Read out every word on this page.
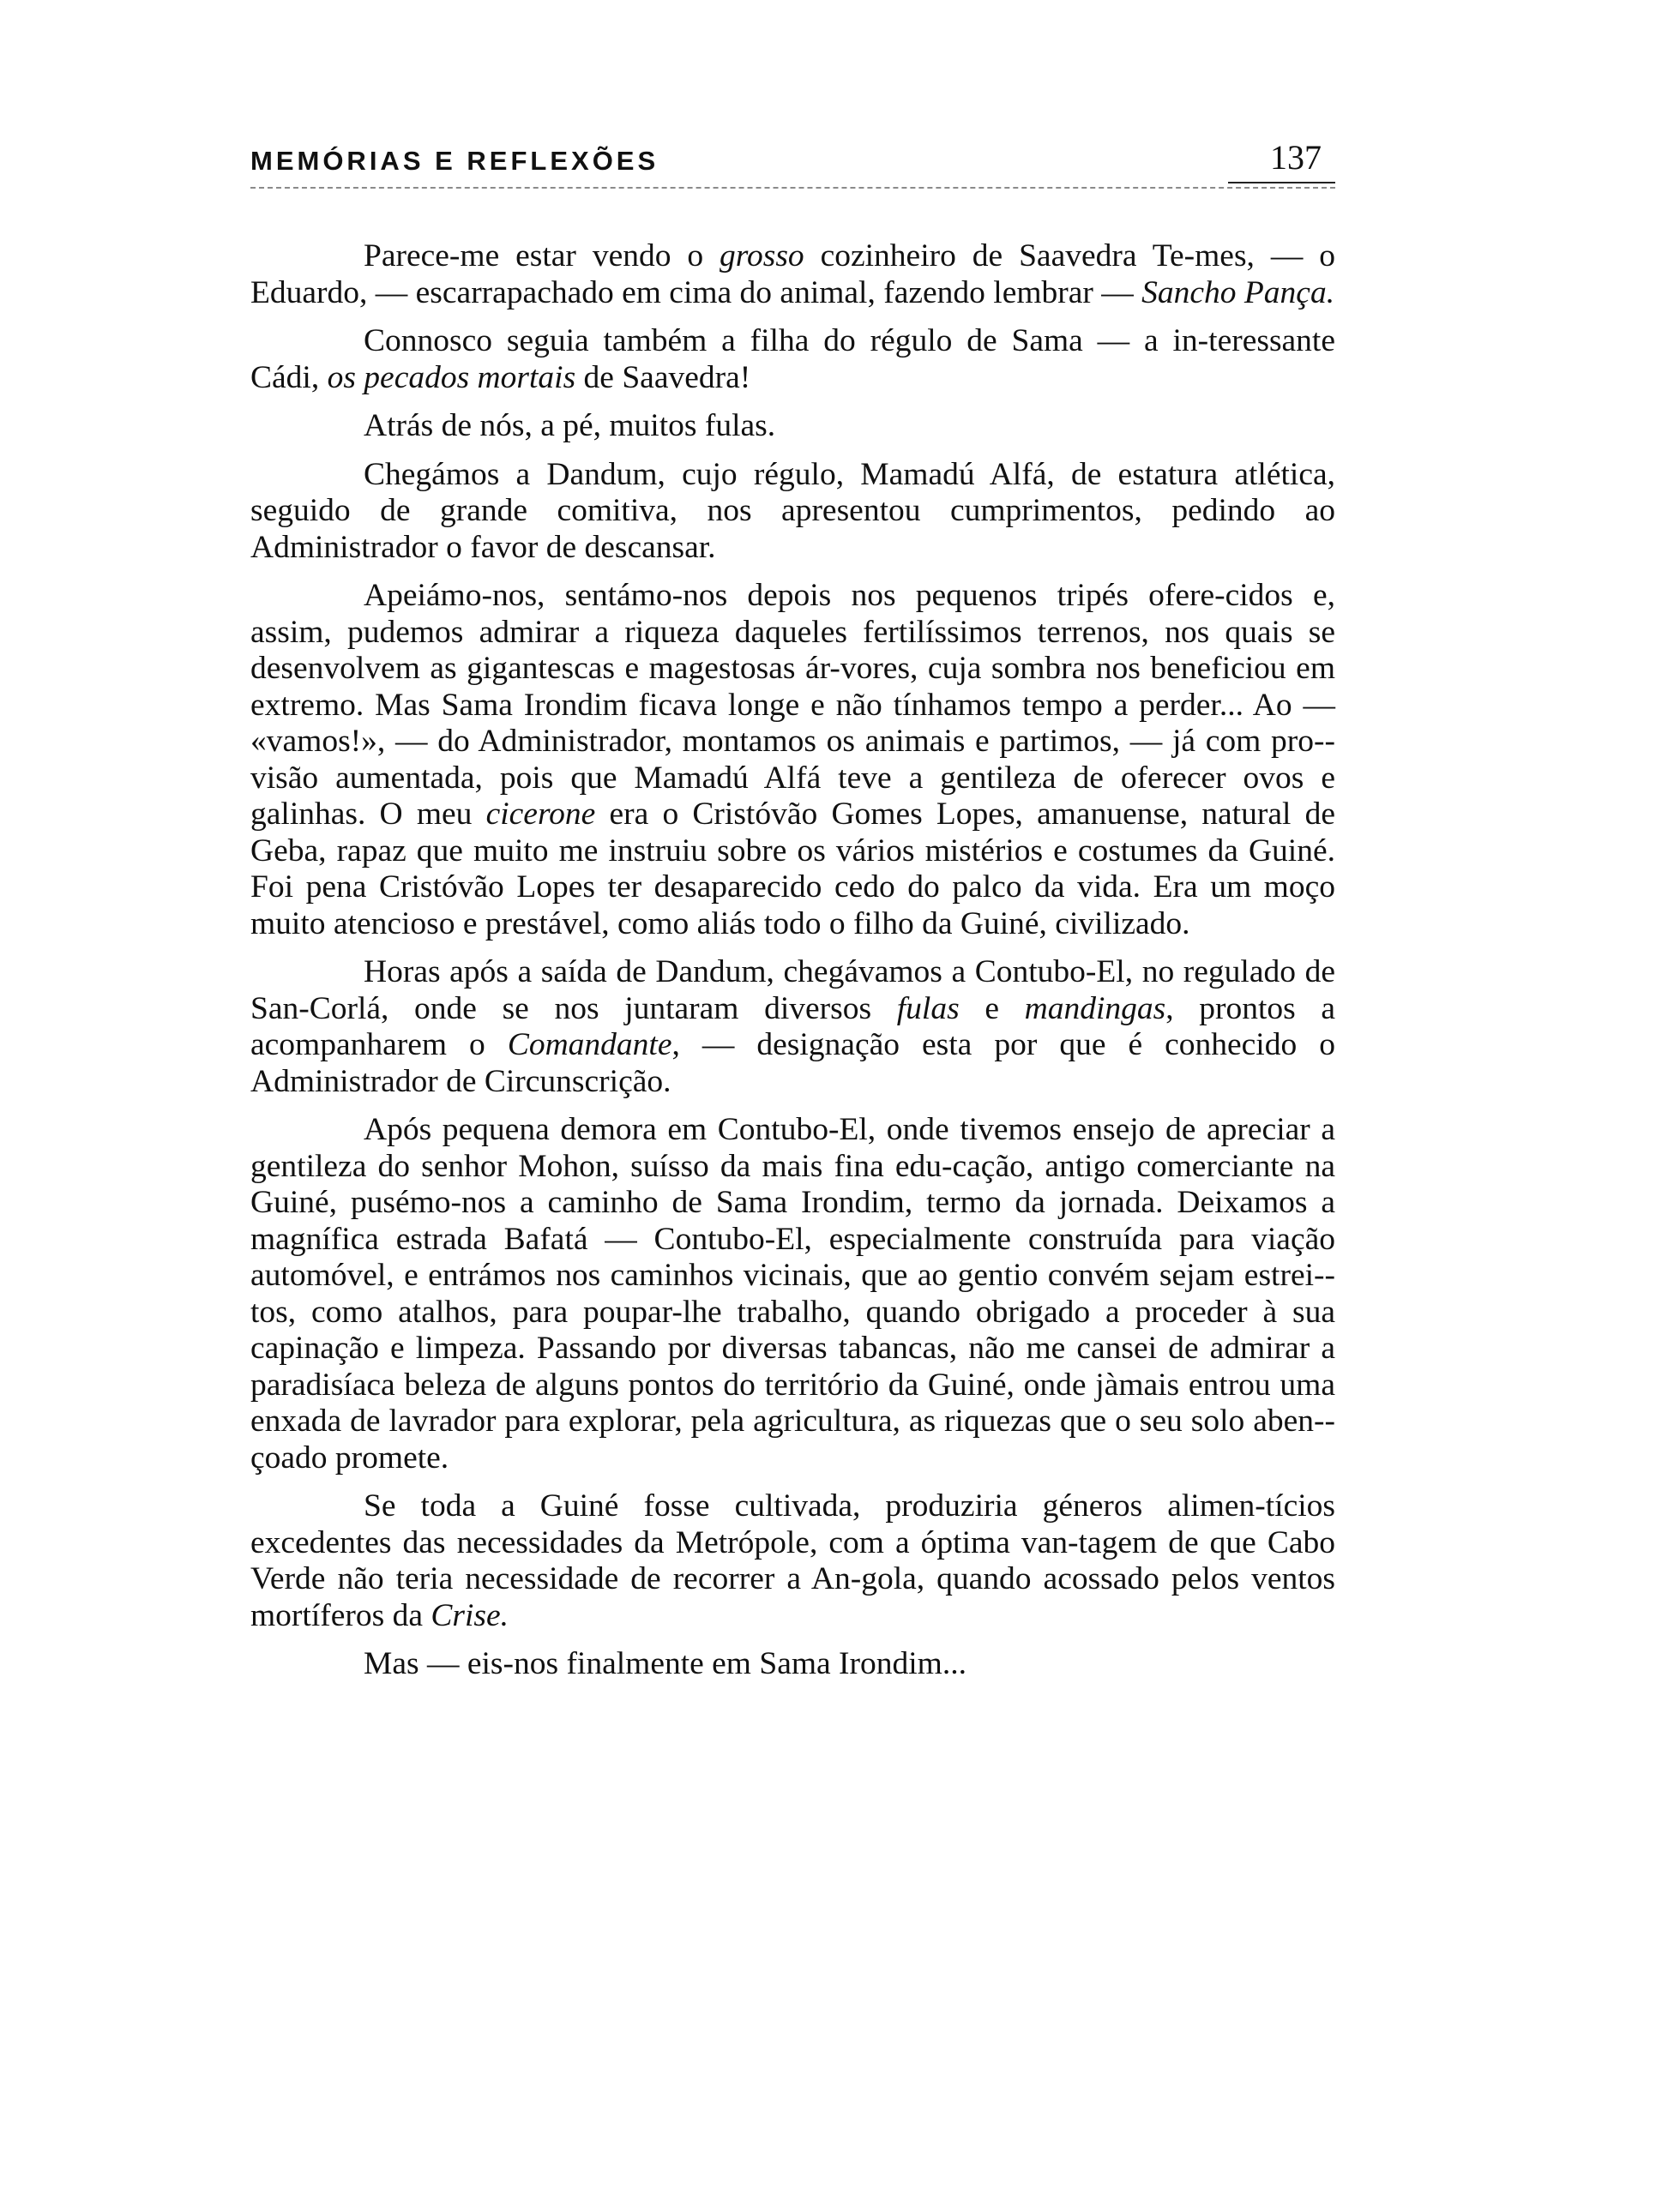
MEMÓRIAS E REFLEXÕES	137

Parece-me estar vendo o grosso cozinheiro de Saavedra Te-mes, — o Eduardo, — escarrapachado em cima do animal, fazendo lembrar — Sancho Pança.

Connosco seguia também a filha do régulo de Sama — a in-teressante Cádi, os pecados mortais de Saavedra!

Atrás de nós, a pé, muitos fulas.

Chegámos a Dandum, cujo régulo, Mamadú Alfá, de estatura atlética, seguido de grande comitiva, nos apresentou cumprimentos, pedindo ao Administrador o favor de descansar.

Apeiámo-nos, sentámo-nos depois nos pequenos tripés ofere-cidos e, assim, pudemos admirar a riqueza daqueles fertilíssimos terrenos, nos quais se desenvolvem as gigantescas e magestosas ár-vores, cuja sombra nos beneficiou em extremo. Mas Sama Irondim ficava longe e não tínhamos tempo a perder... Ao — «vamos!», — do Administrador, montamos os animais e partimos, — já com pro-visão aumentada, pois que Mamadú Alfá teve a gentileza de oferecer ovos e galinhas. O meu cicerone era o Cristóvão Gomes Lopes, amanuense, natural de Geba, rapaz que muito me instruiu sobre os vários mistérios e costumes da Guiné. Foi pena Cristóvão Lopes ter desaparecido cedo do palco da vida. Era um moço muito atencioso e prestável, como aliás todo o filho da Guiné, civilizado.

Horas após a saída de Dandum, chegávamos a Contubo-El, no regulado de San-Corlá, onde se nos juntaram diversos fulas e mandingas, prontos a acompanharem o Comandante, — designação esta por que é conhecido o Administrador de Circunscrição.

Após pequena demora em Contubo-El, onde tivemos ensejo de apreciar a gentileza do senhor Mohon, suísso da mais fina edu-cação, antigo comerciante na Guiné, pusémo-nos a caminho de Sama Irondim, termo da jornada. Deixamos a magnífica estrada Bafatá — Contubo-El, especialmente construída para viação automóvel, e entrámos nos caminhos vicinais, que ao gentio convém sejam estrei-tos, como atalhos, para poupar-lhe trabalho, quando obrigado a proceder à sua capinação e limpeza. Passando por diversas tabancas, não me cansei de admirar a paradisíaca beleza de alguns pontos do território da Guiné, onde jàmais entrou uma enxada de lavrador para explorar, pela agricultura, as riquezas que o seu solo aben-çoado promete.

Se toda a Guiné fosse cultivada, produziria géneros alimen-tícios excedentes das necessidades da Metrópole, com a óptima van-tagem de que Cabo Verde não teria necessidade de recorrer a An-gola, quando acossado pelos ventos mortíferos da Crise.

Mas — eis-nos finalmente em Sama Irondim...
